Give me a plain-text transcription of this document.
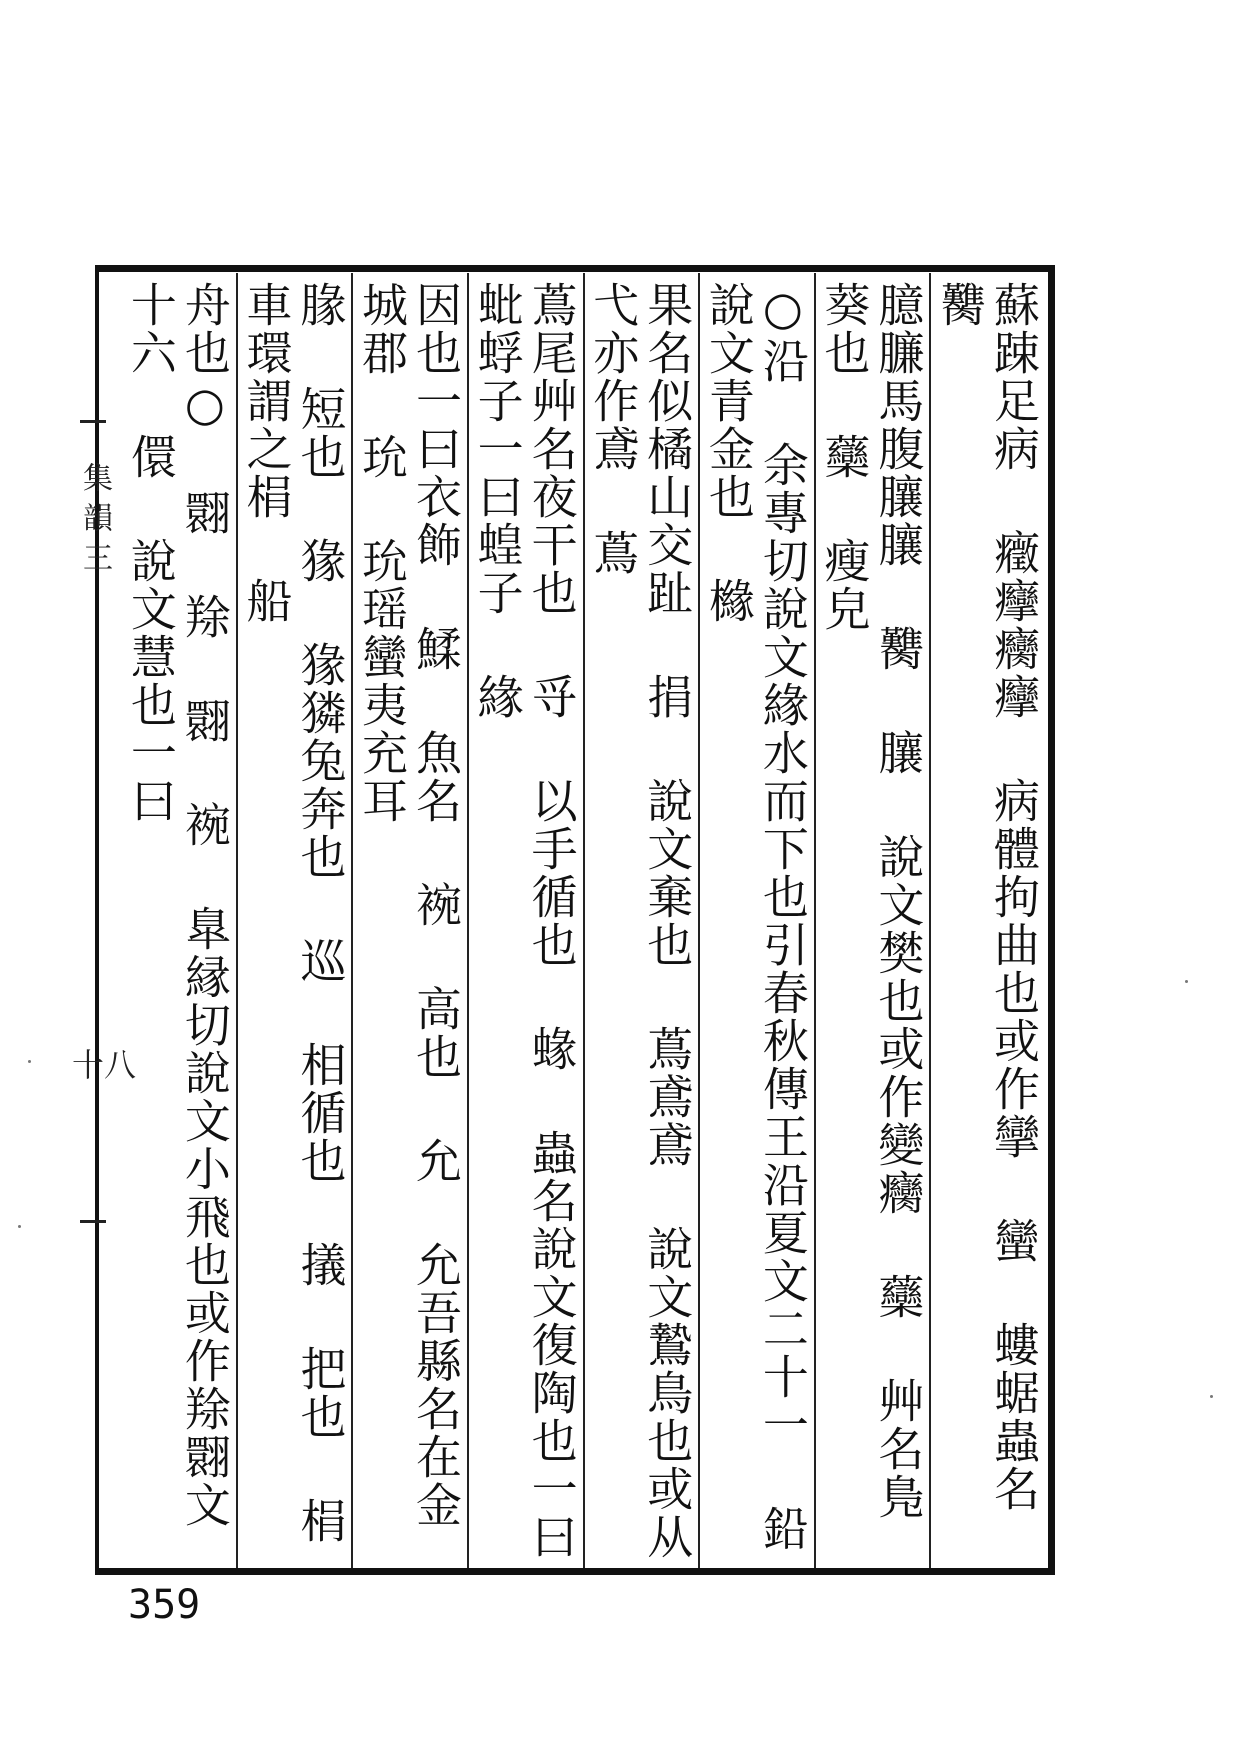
集韻三
十八	蘇踈足病 癥癴癵癴 病體拘曲也或作攣 蠻 螻蜛蟲名 臡
臆臁馬腹䑋䑋 臡 䑋 說文樊也或作變癵 虊 艸名鳬葵也 虊 瘦皃
○沿 余專切說文緣水而下也引春秋傳王沿夏文二十一 鉛 說文青金也 櫞
果名似橘山交趾 捐 說文棄也 蔦鳶鳶 說文鷙鳥也或从弋亦作鳶 蔦
蔦尾艸名夜干也 寽 以手循也 蝝 蟲名說文復陶也一曰蚍蜉子一曰蝗子 緣
因也一曰衣飾 鰇 魚名 䘼 高也 允 允吾縣名在金城郡 玧 玧瑶蠻夷充耳
腞 短也 猭 猭獜兔奔也 巡 相循也 㩘 把也 梋 車環謂之梋 船
舟也○ 翾 䍱 翾 䘼 臯縁切說文小飛也或作䍱翾文十六 儇 說文慧也一曰
359
